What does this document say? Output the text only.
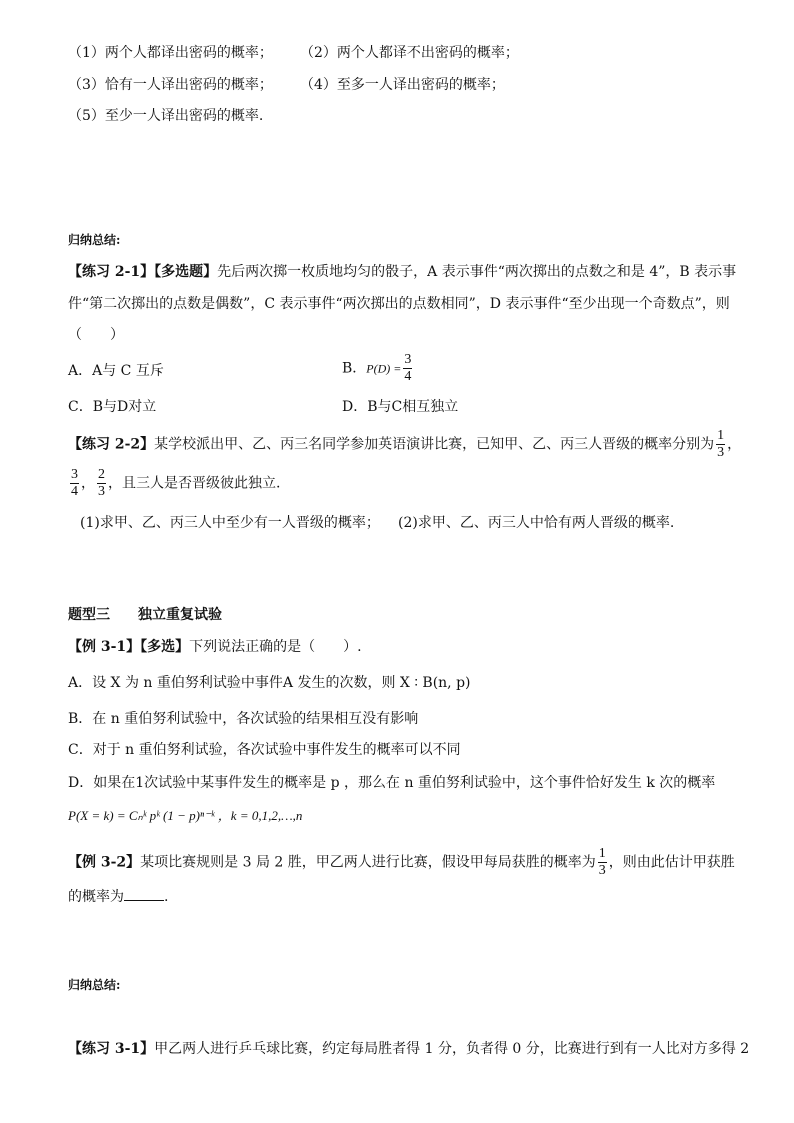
（1）两个人都译出密码的概率； （2）两个人都译不出密码的概率；
（3）恰有一人译出密码的概率； （4）至多一人译出密码的概率；
（5）至少一人译出密码的概率.
归纳总结:
【练习 2-1】【多选题】先后两次掷一枚质地均匀的骰子，A 表示事件“两次掷出的点数之和是 4”，B 表示事
件“第二次掷出的点数是偶数”，C 表示事件“两次掷出的点数相同”，D 表示事件“至少出现一个奇数点”，则
（　　）
A．A与 C 互斥	B．$P(D) = \frac{3}{4}$
C．B与D对立	D．B与C相互独立
【练习 2-2】某学校派出甲、乙、丙三名同学参加英语演讲比赛，已知甲、乙、丙三人晋级的概率分别为 $\frac{1}{3}$ ，
$\frac{3}{4}$ ， $\frac{2}{3}$ ，且三人是否晋级彼此独立.
(1)求甲、乙、丙三人中至少有一人晋级的概率； (2)求甲、乙、丙三人中恰有两人晋级的概率.
题型三　　独立重复试验
【例 3-1】【多选】下列说法正确的是（　　）.
A．设 X 为 n 重伯努利试验中事件A 发生的次数，则 X ∶ B(n, p)
B．在 n 重伯努利试验中，各次试验的结果相互没有影响
C．对于 n 重伯努利试验，各次试验中事件发生的概率可以不同
D．如果在1次试验中某事件发生的概率是 p ，那么在 n 重伯努利试验中，这个事件恰好发生 k 次的概率
P(X = k) = Cₙᵏ pᵏ (1 − p)ⁿ⁻ᵏ ，k = 0,1,2,…,n
【例 3-2】某项比赛规则是 3 局 2 胜，甲乙两人进行比赛，假设甲每局获胜的概率为 $\frac{1}{3}$ ，则由此估计甲获胜
的概率为	.
归纳总结:
【练习 3-1】甲乙两人进行乒乓球比赛，约定每局胜者得 1 分，负者得 0 分，比赛进行到有一人比对方多得 2
